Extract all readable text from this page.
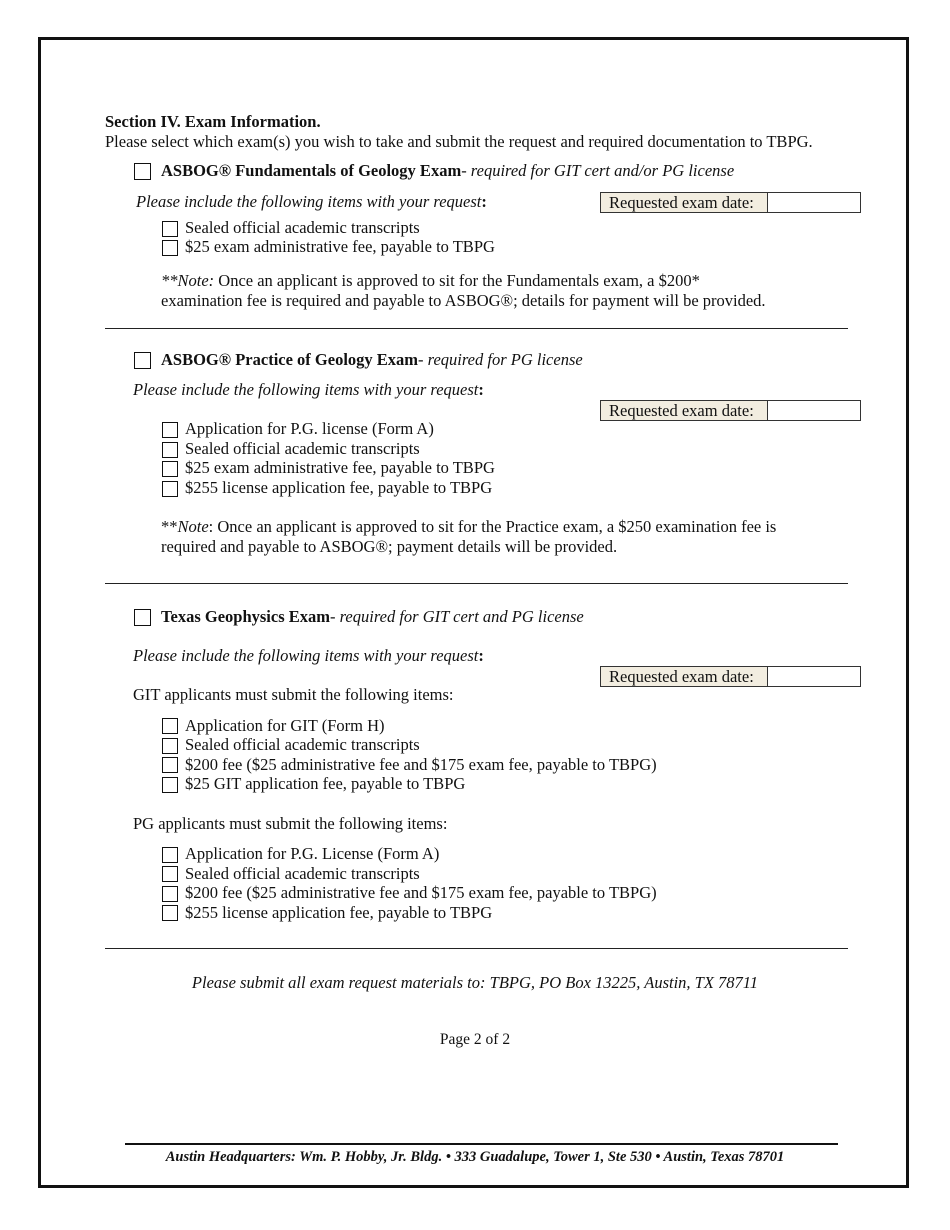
Section IV. Exam Information.
Please select which exam(s) you wish to take and submit the request and required documentation to TBPG.
ASBOG® Fundamentals of Geology Exam- required for GIT cert and/or PG license
Please include the following items with your request:	Requested exam date:
Sealed official academic transcripts
$25 exam administrative fee, payable to TBPG
**Note: Once an applicant is approved to sit for the Fundamentals exam, a $200*
examination fee is required and payable to ASBOG®; details for payment will be provided.
ASBOG® Practice of Geology Exam- required for PG license
Please include the following items with your request:
Requested exam date:
Application for P.G. license (Form A)
Sealed official academic transcripts
$25 exam administrative fee, payable to TBPG
$255 license application fee, payable to TBPG
**Note: Once an applicant is approved to sit for the Practice exam, a $250 examination fee is
required and payable to ASBOG®; payment details will be provided.
Texas Geophysics Exam- required for GIT cert and PG license
Please include the following items with your request:
Requested exam date:
GIT applicants must submit the following items:
Application for GIT (Form H)
Sealed official academic transcripts
$200 fee ($25 administrative fee and $175 exam fee, payable to TBPG)
$25 GIT application fee, payable to TBPG
PG applicants must submit the following items:
Application for P.G. License (Form A)
Sealed official academic transcripts
$200 fee ($25 administrative fee and $175 exam fee, payable to TBPG)
$255 license application fee, payable to TBPG
Please submit all exam request materials to: TBPG, PO Box 13225, Austin, TX 78711
Page 2 of 2
Austin Headquarters: Wm. P. Hobby, Jr. Bldg. • 333 Guadalupe, Tower 1, Ste 530 • Austin, Texas 78701
